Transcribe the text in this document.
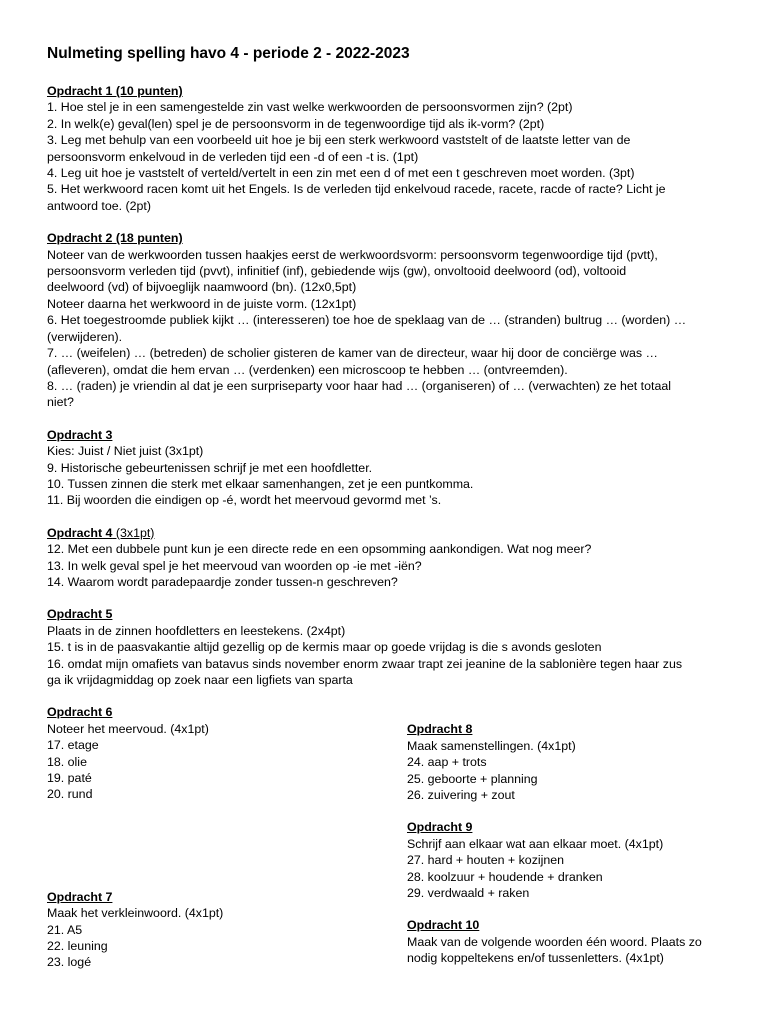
Nulmeting spelling havo 4 - periode 2 - 2022-2023
Opdracht 1 (10 punten)

1. Hoe stel je in een samengestelde zin vast welke werkwoorden de persoonsvormen zijn? (2pt)

2. In welk(e) geval(len) spel je de persoonsvorm in de tegenwoordige tijd als ik-vorm? (2pt)

3. Leg met behulp van een voorbeeld uit hoe je bij een sterk werkwoord vaststelt of de laatste letter van de

persoonsvorm enkelvoud in de verleden tijd een -d of een -t is. (1pt)

4. Leg uit hoe je vaststelt of verteld/vertelt in een zin met een d of met een t geschreven moet worden. (3pt)

5. Het werkwoord racen komt uit het Engels. Is de verleden tijd enkelvoud racede, racete, racde of racte? Licht je

antwoord toe. (2pt)

Opdracht 2 (18 punten)

Noteer van de werkwoorden tussen haakjes eerst de werkwoordsvorm: persoonsvorm tegenwoordige tijd (pvtt),

persoonsvorm verleden tijd (pvvt), infinitief (inf), gebiedende wijs (gw), onvoltooid deelwoord (od), voltooid

deelwoord (vd) of bijvoeglijk naamwoord (bn). (12x0,5pt)

Noteer daarna het werkwoord in de juiste vorm. (12x1pt)

6. Het toegestroomde publiek kijkt … (interesseren) toe hoe de speklaag van de … (stranden) bultrug … (worden) …

(verwijderen).

7. … (weifelen) … (betreden) de scholier gisteren de kamer van de directeur, waar hij door de conciërge was …

(afleveren), omdat die hem ervan … (verdenken) een microscoop te hebben … (ontvreemden).

8. … (raden) je vriendin al dat je een surpriseparty voor haar had … (organiseren) of … (verwachten) ze het totaal

niet?

Opdracht 3

Kies: Juist / Niet juist (3x1pt)

9. Historische gebeurtenissen schrijf je met een hoofdletter.

10. Tussen zinnen die sterk met elkaar samenhangen, zet je een puntkomma.

11. Bij woorden die eindigen op -é, wordt het meervoud gevormd met ’s.

Opdracht 4 (3x1pt)

12. Met een dubbele punt kun je een directe rede en een opsomming aankondigen. Wat nog meer?

13. In welk geval spel je het meervoud van woorden op -ie met -iën?

14. Waarom wordt paradepaardje zonder tussen-n geschreven?

Opdracht 5

Plaats in de zinnen hoofdletters en leestekens. (2x4pt)

15. t is in de paasvakantie altijd gezellig op de kermis maar op goede vrijdag is die s avonds gesloten

16. omdat mijn omafiets van batavus sinds november enorm zwaar trapt zei jeanine de la sablonière tegen haar zus

ga ik vrijdagmiddag op zoek naar een ligfiets van sparta

Opdracht 6

Noteer het meervoud. (4x1pt)

17. etage

18. olie

19. paté

20. rund

Opdracht 7

Maak het verkleinwoord. (4x1pt)

21. A5

22. leuning

23. logé

Opdracht 8

Maak samenstellingen. (4x1pt)

24. aap + trots

25. geboorte + planning

26. zuivering + zout

Opdracht 9

Schrijf aan elkaar wat aan elkaar moet. (4x1pt)

27. hard + houten + kozijnen

28. koolzuur + houdende + dranken

29. verdwaald + raken

Opdracht 10

Maak van de volgende woorden één woord. Plaats zo

nodig koppeltekens en/of tussenletters. (4x1pt)
